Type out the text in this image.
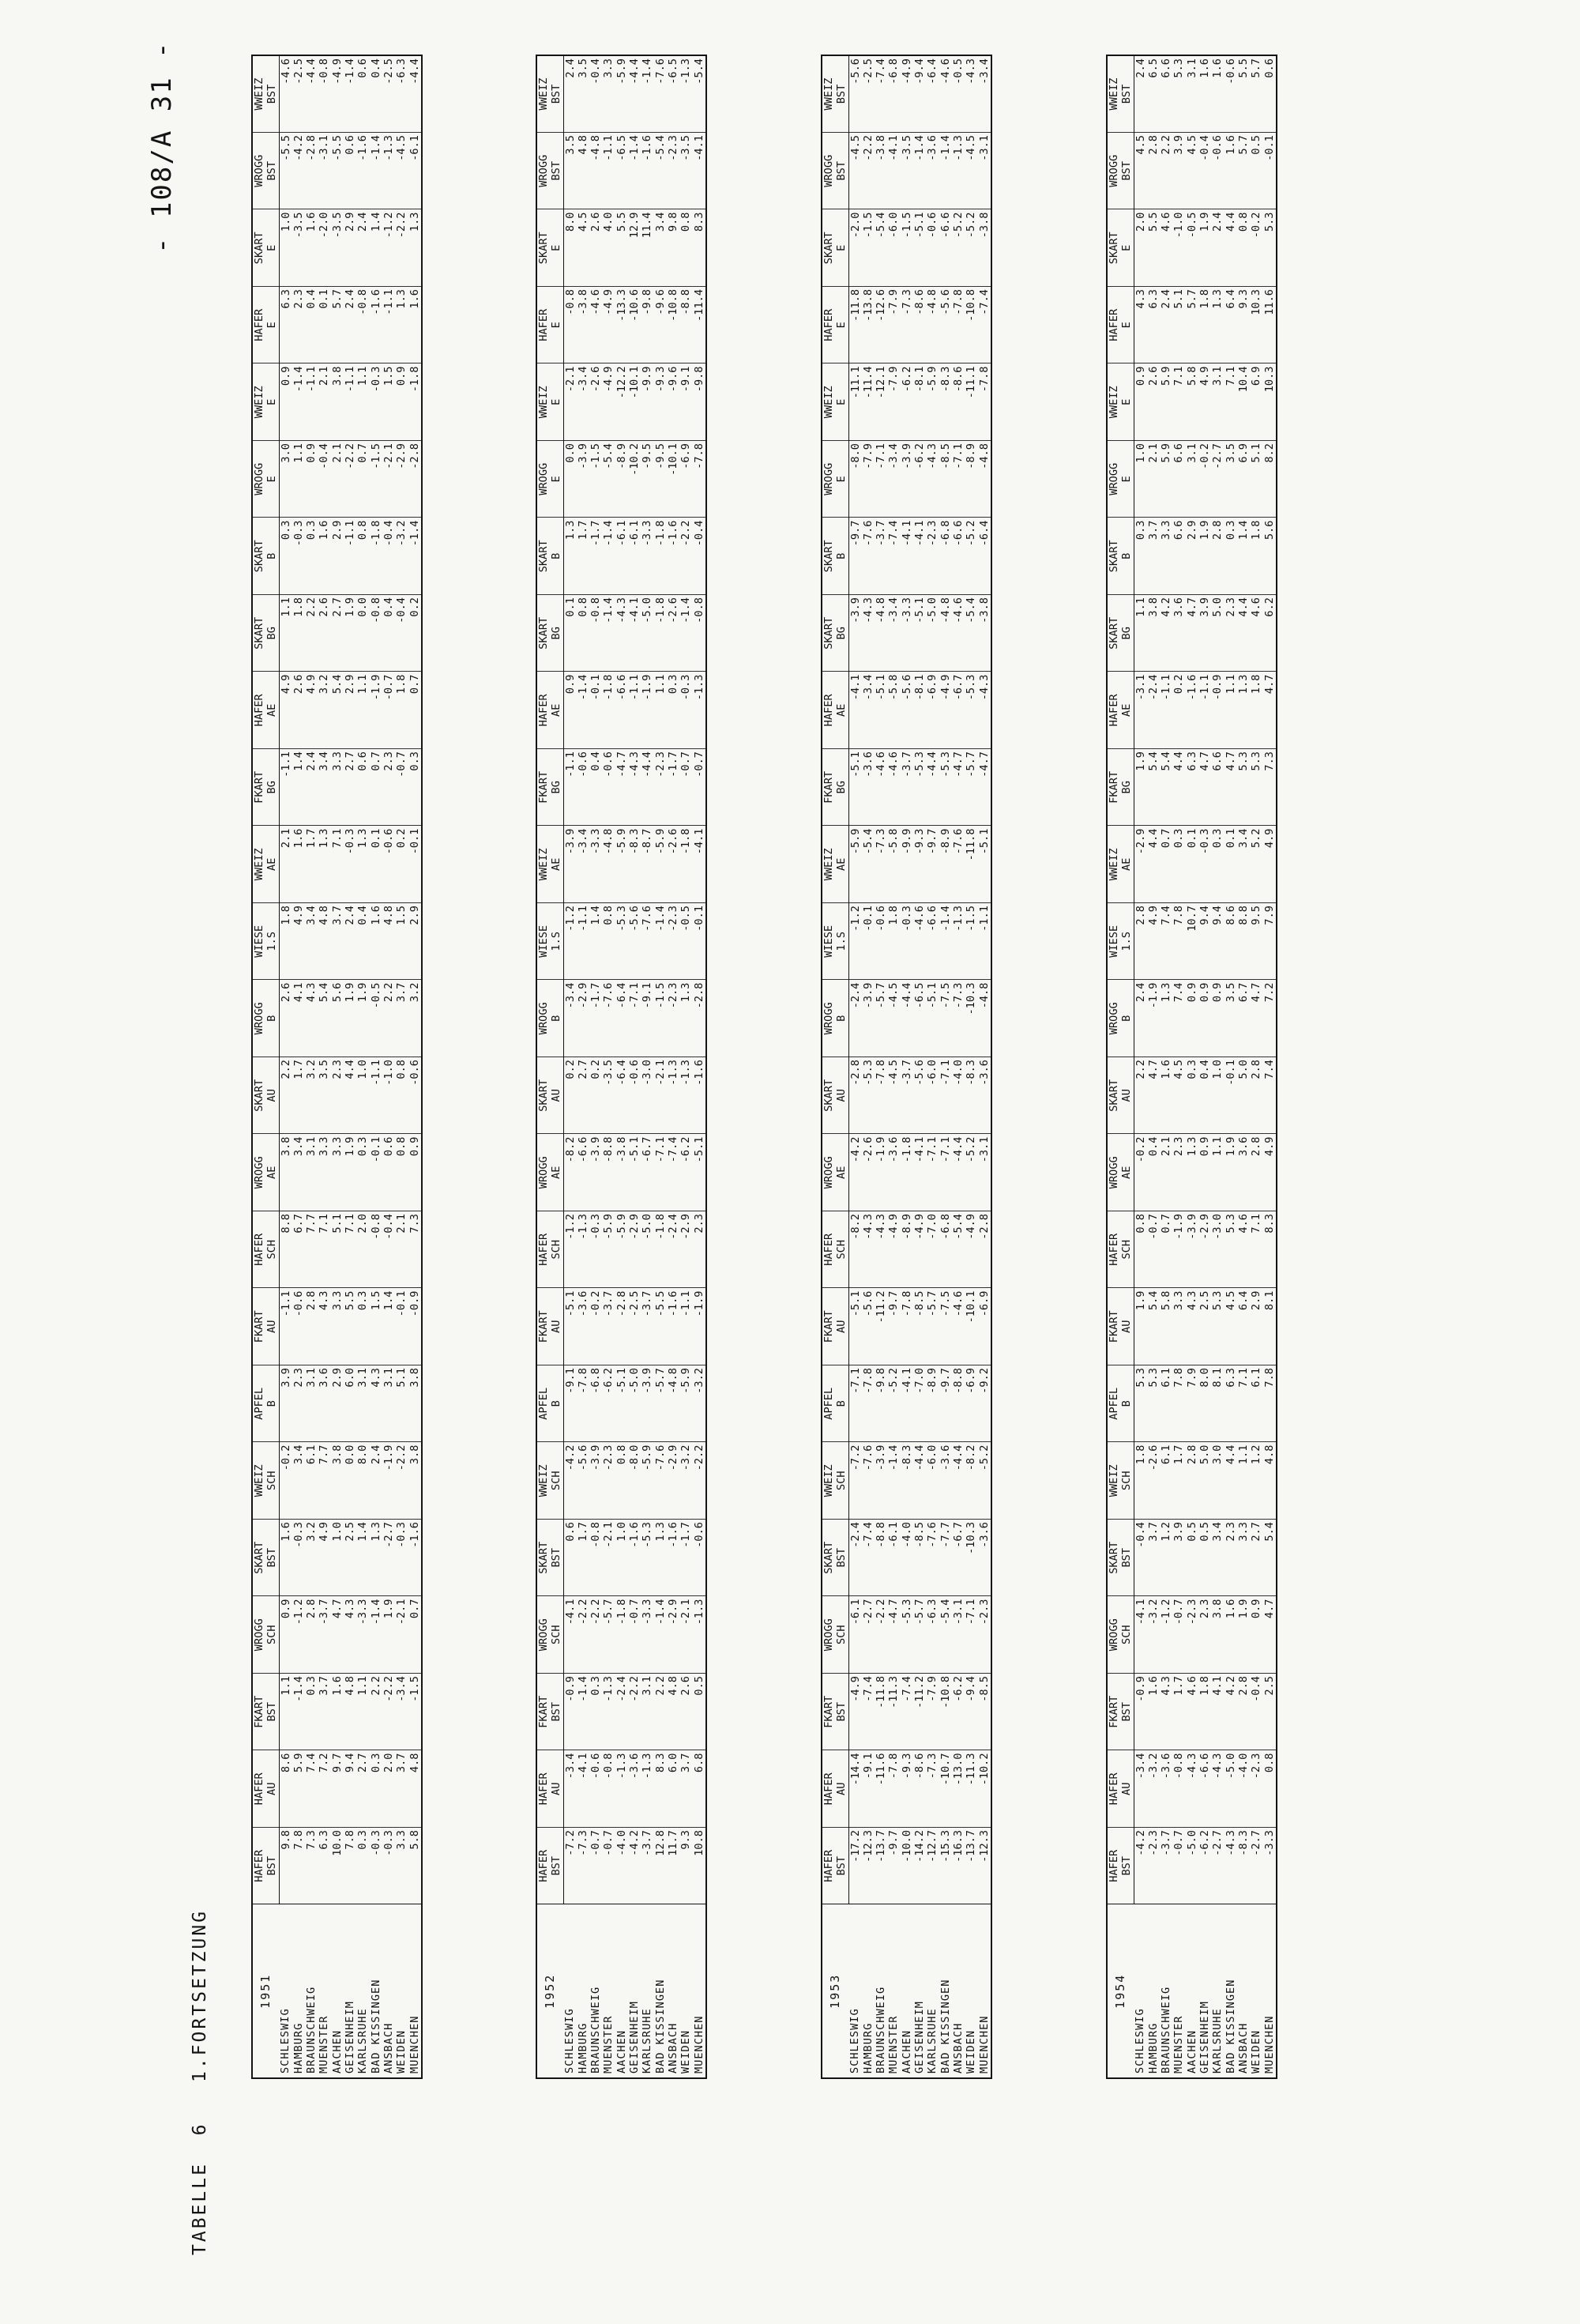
- 108/A 31 -
TABELLE  6   1.FORTSETZUNG	1951	HAFER	HAFER	FKART	WROGG	SKART	WWEIZ	APFEL	FKART	HAFER	WROGG	SKART	WROGG	WIESE	WWEIZ	FKART	HAFER	SKART	SKART	WROGG	WWEIZ	HAFER	SKART	WROGG	WWEIZ
	BST	AU	BST	SCH	BST	SCH	B	AU	SCH	AE	AU	B	1.S	AE	BG	AE	BG	B	E	E	E	E	BST	BST
SCHLESWIG	9.8	8.6	1.1	0.9	1.6	-0.2	3.9	-1.1	8.8	3.8	2.2	2.6	1.8	2.1	-1.1	4.9	1.1	0.3	3.0	0.9	6.3	1.0	-5.5	-4.6
HAMBURG	7.8	5.9	-1.4	-1.2	-0.3	3.4	2.3	-0.6	6.7	3.4	1.7	4.1	4.9	1.6	1.4	2.6	1.8	-0.3	1.1	-1.4	2.3	-3.5	-4.2	-2.5
BRAUNSCHWEIG	7.3	7.4	0.3	2.8	3.2	6.1	3.1	2.8	7.7	3.1	3.2	4.3	3.4	1.7	2.4	4.9	2.2	0.3	0.9	-1.1	0.4	1.6	-2.8	-4.4
MUENSTER	6.3	7.2	3.7	-3.7	4.9	7.7	3.6	4.3	7.1	3.3	3.5	5.4	4.8	1.3	3.4	3.2	2.6	1.6	-0.4	2.1	0.1	-2.0	-3.1	-0.8
AACHEN	10.0	9.7	1.6	4.7	1.0	3.8	2.9	3.3	5.1	3.3	2.3	5.6	3.7	7.1	3.3	5.4	2.7	2.9	2.1	3.8	5.7	-3.5	-5.5	-4.9
GEISENHEIM	7.8	9.4	4.8	4.3	2.5	0.0	6.0	5.5	7.1	1.9	4.4	1.9	2.4	-0.3	2.7	2.9	1.9	-1.1	-2.2	-1.1	2.4	2.9	0.6	-1.4
KARLSRUHE	0.3	2.7	1.1	-3.3	1.4	8.0	3.1	0.3	2.0	0.3	1.0	1.9	0.4	1.3	0.6	1.1	0.0	0.8	0.7	1.1	-0.8	2.4	-1.6	0.6
BAD KISSINGEN	-0.3	0.3	2.2	-1.4	1.3	2.4	4.3	1.5	-0.8	-0.1	-1.1	-0.5	1.6	0.1	0.7	-1.9	-0.8	-1.8	-1.5	-0.3	-1.6	1.4	-1.4	0.4
ANSBACH	-0.3	2.0	-2.2	1.9	-2.7	-1.9	3.1	1.4	-0.4	0.6	-1.0	2.2	4.8	-0.6	2.3	-0.7	0.4	-0.4	-2.1	1.5	-1.1	-1.2	-1.3	-2.5
WEIDEN	3.3	3.7	-3.4	-2.1	-0.3	-2.2	5.1	-0.1	2.1	0.8	0.8	3.7	1.5	0.2	-0.7	1.8	-0.4	-3.2	-2.9	0.9	1.3	-2.2	-4.5	-6.3
MUENCHEN	5.8	4.8	-1.5	0.7	-1.6	3.8	3.8	-0.9	7.3	0.9	-0.6	3.2	2.9	-0.1	0.3	0.7	0.2	-1.4	-2.8	-1.8	1.6	1.3	-6.1	-4.4
1952	HAFER	HAFER	FKART	WROGG	SKART	WWEIZ	APFEL	FKART	HAFER	WROGG	SKART	WROGG	WIESE	WWEIZ	FKART	HAFER	SKART	SKART	WROGG	WWEIZ	HAFER	SKART	WROGG	WWEIZ
	BST	AU	BST	SCH	BST	SCH	B	AU	SCH	AE	AU	B	1.S	AE	BG	AE	BG	B	E	E	E	E	BST	BST
SCHLESWIG	-7.2	-3.4	-0.9	-4.1	0.6	-4.2	-9.1	-5.1	-1.2	-8.2	0.2	-3.4	-1.2	-3.9	-1.1	0.9	0.1	1.3	0.0	-2.1	-0.8	8.0	3.5	2.4
HAMBURG	-7.3	-4.1	-1.4	-2.2	1.7	-5.6	-7.8	-3.6	-1.3	-6.6	2.7	-2.9	-1.1	-3.4	-0.6	-1.4	0.8	1.7	-3.9	-3.4	-3.8	4.5	4.8	3.5
BRAUNSCHWEIG	-0.7	-0.6	0.3	-2.2	-0.8	-3.9	-6.8	-0.2	-0.3	-3.9	0.2	-1.7	1.4	-3.3	0.4	-0.1	-0.8	-1.7	-1.5	-2.6	-4.6	2.6	-4.8	-0.4
MUENSTER	-0.7	-0.8	-1.3	-5.7	-2.1	-2.3	-6.2	-3.7	-5.9	-8.8	-3.5	-7.6	0.8	-4.8	-0.6	-1.8	-1.4	-1.4	-5.4	-4.9	-4.9	4.0	-1.1	3.3
AACHEN	-4.0	-1.3	-2.4	-1.8	1.0	0.8	-5.1	-2.8	-5.9	-3.8	-6.4	-6.4	-5.3	-5.9	-4.7	-6.6	-4.3	-6.1	-8.9	-12.2	-13.3	5.5	-6.5	-5.9
GEISENHEIM	-4.2	-3.6	-2.2	-0.7	-1.6	-8.0	-5.0	-2.5	-2.9	-5.1	-0.6	-7.1	-5.6	-8.3	-4.3	-1.1	-4.1	-6.1	-10.2	-10.1	-10.6	12.9	-1.4	-4.4
KARLSRUHE	-3.7	-1.3	3.1	-3.3	-5.3	-5.9	-3.9	-3.7	-5.0	-6.7	-3.0	-9.1	-7.6	-8.7	-4.4	-1.9	-5.0	-3.3	-9.5	-9.9	-9.8	11.4	-1.6	-1.4
BAD KISSINGEN	12.8	8.3	2.2	-1.4	1.3	-7.6	-5.7	-5.5	-1.8	-7.1	-2.1	-1.5	-1.4	-5.9	-2.3	1.1	-1.8	-1.8	-9.5	-9.3	-9.6	3.4	-5.4	-7.6
ANSBACH	11.7	6.0	4.8	-2.9	-1.6	-2.9	-4.8	-1.6	-2.4	-7.4	-1.3	-2.3	-2.3	-2.6	-1.7	0.3	-2.6	-1.6	-10.1	-9.6	-10.8	9.8	-2.3	-6.5
WEIDEN	9.3	3.7	2.6	-2.1	-1.7	-3.2	-5.9	-1.1	-2.9	-6.2	-1.3	1.3	-0.5	-1.8	-0.7	-0.3	-1.4	-2.2	-6.9	-9.1	-8.8	0.8	-3.5	-1.3
MUENCHEN	10.8	6.8	0.5	-1.3	-0.6	-2.2	-3.2	-1.9	2.3	-5.1	-1.6	-2.8	-0.1	-4.1	-0.7	-1.3	-0.8	-0.4	-7.8	-9.8	-11.4	8.3	-4.1	-5.4
1953	HAFER	HAFER	FKART	WROGG	SKART	WWEIZ	APFEL	FKART	HAFER	WROGG	SKART	WROGG	WIESE	WWEIZ	FKART	HAFER	SKART	SKART	WROGG	WWEIZ	HAFER	SKART	WROGG	WWEIZ
	BST	AU	BST	SCH	BST	SCH	B	AU	SCH	AE	AU	B	1.S	AE	BG	AE	BG	B	E	E	E	E	BST	BST
SCHLESWIG	-17.2	-14.4	-4.9	-6.1	-2.4	-7.2	-7.1	-5.1	-8.2	-4.2	-2.8	-2.4	-1.2	-5.9	-5.1	-4.1	-3.9	-9.7	-8.0	-11.1	-11.8	-2.0	-4.5	-5.6
HAMBURG	-12.3	-9.1	-7.4	-2.7	-7.4	-7.6	-7.8	-5.6	-4.3	-2.6	-5.3	-3.9	-0.1	-5.4	-3.6	-3.4	-4.3	-7.6	-7.9	-11.4	-13.8	-1.5	-2.2	-2.5
BRAUNSCHWEIG	-13.7	-11.6	-11.8	-2.2	-8.8	-3.9	-9.8	-11.2	-4.3	-1.9	-7.8	-5.7	-0.6	-7.3	-4.6	-5.1	-4.8	-3.7	-7.1	-12.1	-12.6	-5.4	-3.8	-7.4
MUENSTER	-9.7	-7.8	-11.3	-4.7	-6.1	-1.4	-5.2	-9.7	-4.9	-3.6	-4.5	-4.5	1.8	-5.8	-4.6	-5.8	-3.4	-7.4	-3.4	-7.9	-7.9	-6.0	-4.1	-6.8
AACHEN	-10.0	-9.3	-7.4	-5.3	-4.0	-8.3	-4.1	-7.8	-8.9	-1.8	-3.7	-4.4	-0.3	-9.9	-3.7	-5.6	-3.3	-4.1	-3.9	-6.2	-7.3	-1.5	-3.5	-4.9
GEISENHEIM	-14.2	-8.6	-11.2	-5.7	-8.5	-4.4	-7.0	-8.5	-4.9	-4.1	-5.6	-6.5	-4.6	-9.3	-5.3	-8.1	-5.1	-4.1	-6.2	-8.1	-8.6	-5.1	-1.4	-9.4
KARLSRUHE	-12.7	-7.3	-7.9	-6.3	-7.6	-6.0	-8.9	-5.7	-7.0	-7.1	-6.0	-5.1	-6.6	-9.7	-4.4	-6.9	-5.0	-2.3	-4.3	-5.9	-4.8	-0.6	-3.6	-6.4
BAD KISSINGEN	-15.3	-10.7	-10.8	-5.4	-7.7	-3.6	-9.7	-7.5	-6.8	-7.1	-7.1	-7.5	-1.4	-8.9	-5.3	-4.9	-4.8	-6.8	-8.5	-8.3	-5.6	-6.6	-1.4	-4.6
ANSBACH	-16.3	-13.0	-6.2	-3.1	-6.7	-4.4	-8.8	-4.6	-5.4	-4.4	-4.0	-7.3	-1.3	-7.6	-4.7	-6.7	-4.6	-6.6	-7.1	-8.6	-7.8	-5.2	-1.3	-0.5
WEIDEN	-13.7	-11.3	-9.4	-7.1	-10.3	-8.2	-6.9	-10.1	-4.9	-5.2	-8.3	-10.3	-1.5	-11.8	-5.7	-5.3	-5.4	-5.2	-8.9	-11.1	-10.8	-5.2	-4.5	-4.3
MUENCHEN	-12.3	-10.2	-8.5	-2.3	-3.6	-5.2	-9.2	-6.9	-2.8	-3.1	-3.6	-4.8	-1.1	-5.1	-4.7	-4.3	-3.8	-6.4	-4.8	-7.8	-7.4	-3.8	-3.1	-3.4
1954	HAFER	HAFER	FKART	WROGG	SKART	WWEIZ	APFEL	FKART	HAFER	WROGG	SKART	WROGG	WIESE	WWEIZ	FKART	HAFER	SKART	SKART	WROGG	WWEIZ	HAFER	SKART	WROGG	WWEIZ
	BST	AU	BST	SCH	BST	SCH	B	AU	SCH	AE	AU	B	1.S	AE	BG	AE	BG	B	E	E	E	E	BST	BST
SCHLESWIG	-4.2	-3.4	-0.9	-4.1	-0.4	1.8	5.3	1.9	0.8	-0.2	2.2	2.4	2.8	-2.9	1.9	-3.1	1.1	0.3	1.0	0.9	4.3	2.0	4.5	2.4
HAMBURG	-2.3	-3.2	1.6	-3.2	3.7	-2.6	5.3	5.4	-0.7	0.4	4.7	-1.9	4.9	4.4	5.4	-2.4	3.8	3.7	2.1	2.6	6.3	5.5	2.8	6.5
BRAUNSCHWEIG	-3.7	-3.6	4.3	-1.2	1.2	6.1	6.1	5.8	0.7	2.1	1.6	1.3	7.4	0.7	5.4	-1.1	4.2	3.3	5.9	5.9	2.4	4.6	2.2	6.6
MUENSTER	-0.7	-0.8	1.7	-0.7	3.9	1.7	7.8	3.3	-1.9	2.3	4.5	7.4	7.8	0.3	4.4	0.2	3.6	6.6	6.6	7.1	5.1	-1.0	3.9	5.3
AACHEN	-5.0	-4.3	4.6	-2.3	0.5	2.8	7.9	4.3	-3.9	1.3	0.3	0.9	10.7	0.1	6.3	-1.6	4.7	2.9	3.1	5.8	5.7	-0.5	4.5	3.1
GEISENHEIM	-6.2	-6.6	1.8	2.3	0.5	5.0	8.0	2.5	-2.9	0.9	0.4	0.9	9.4	-0.3	4.7	-1.1	3.9	1.9	-0.2	4.9	1.8	1.9	-0.4	1.6
KARLSRUHE	-2.7	-4.3	4.1	3.8	3.4	3.0	8.1	5.3	-3.0	1.1	1.0	0.9	9.4	0.3	6.6	-0.9	5.0	2.8	-2.7	3.1	1.3	2.4	-0.6	1.6
BAD KISSINGEN	-4.3	-5.0	4.2	1.6	2.3	4.4	6.3	4.5	5.3	1.9	-0.1	3.5	8.6	0.1	4.7	1.1	2.3	0.3	3.5	7.1	6.4	4.4	1.6	-0.6
ANSBACH	-8.3	-4.0	2.8	1.9	3.3	1.1	7.1	6.4	4.6	3.6	5.0	6.7	8.8	3.4	5.3	1.3	4.4	1.4	6.9	10.4	9.3	0.8	5.7	5.5
WEIDEN	-2.7	-2.3	-0.4	0.9	2.7	1.2	6.1	2.9	7.1	2.8	2.8	4.7	9.5	5.2	5.3	1.8	4.6	1.8	5.1	6.9	10.3	-0.2	0.5	5.7
MUENCHEN	-3.3	0.8	2.5	4.7	5.4	4.8	7.8	8.1	8.3	4.9	7.4	7.2	7.9	4.9	7.3	4.7	6.2	5.6	8.2	10.3	11.6	5.3	-0.1	0.6
